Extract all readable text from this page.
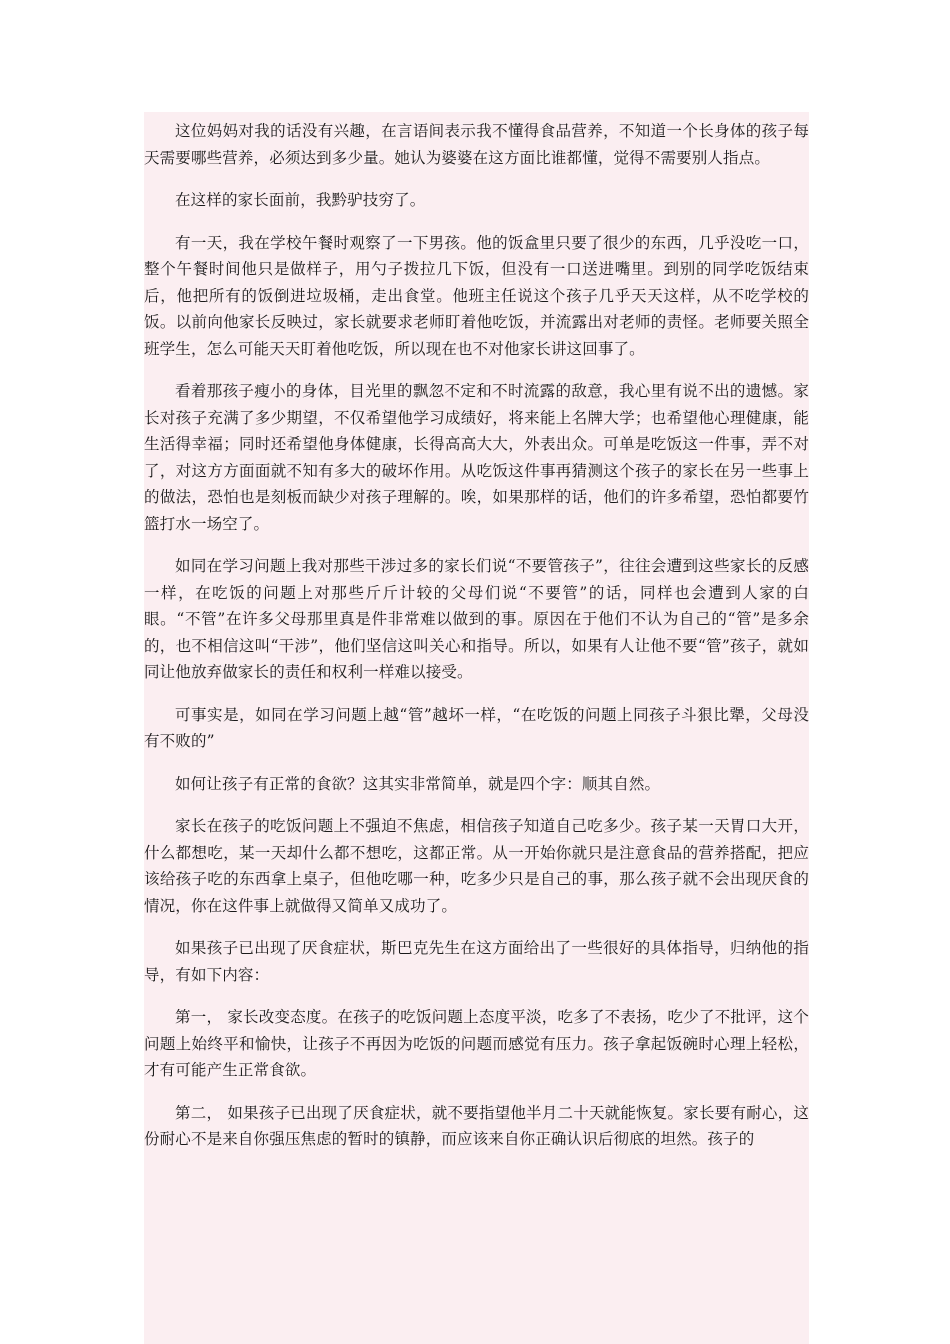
这位妈妈对我的话没有兴趣，在言语间表示我不懂得食品营养，不知道一个长身体的孩子每天需要哪些营养，必须达到多少量。她认为婆婆在这方面比谁都懂，觉得不需要别人指点。

在这样的家长面前，我黔驴技穷了。

有一天，我在学校午餐时观察了一下男孩。他的饭盒里只要了很少的东西，几乎没吃一口，整个午餐时间他只是做样子，用勺子拨拉几下饭，但没有一口送进嘴里。到别的同学吃饭结束后，他把所有的饭倒进垃圾桶，走出食堂。他班主任说这个孩子几乎天天这样，从不吃学校的饭。以前向他家长反映过，家长就要求老师盯着他吃饭，并流露出对老师的责怪。老师要关照全班学生，怎么可能天天盯着他吃饭，所以现在也不对他家长讲这回事了。

看着那孩子瘦小的身体，目光里的飘忽不定和不时流露的敌意，我心里有说不出的遗憾。家长对孩子充满了多少期望，不仅希望他学习成绩好，将来能上名牌大学；也希望他心理健康，能生活得幸福；同时还希望他身体健康，长得高高大大，外表出众。可单是吃饭这一件事，弄不对了，对这方方面面就不知有多大的破坏作用。从吃饭这件事再猜测这个孩子的家长在另一些事上的做法，恐怕也是刻板而缺少对孩子理解的。唉，如果那样的话，他们的许多希望，恐怕都要竹篮打水一场空了。

如同在学习问题上我对那些干涉过多的家长们说“不要管孩子”，往往会遭到这些家长的反感一样，在吃饭的问题上对那些斤斤计较的父母们说“不要管”的话，同样也会遭到人家的白眼。“不管”在许多父母那里真是件非常难以做到的事。原因在于他们不认为自己的“管”是多余的，也不相信这叫“干涉”，他们坚信这叫关心和指导。所以，如果有人让他不要“管”孩子，就如同让他放弃做家长的责任和权利一样难以接受。

可事实是，如同在学习问题上越“管”越坏一样，“在吃饭的问题上同孩子斗狠比犟，父母没有不败的”

如何让孩子有正常的食欲？这其实非常简单，就是四个字：顺其自然。

家长在孩子的吃饭问题上不强迫不焦虑，相信孩子知道自己吃多少。孩子某一天胃口大开，什么都想吃，某一天却什么都不想吃，这都正常。从一开始你就只是注意食品的营养搭配，把应该给孩子吃的东西拿上桌子，但他吃哪一种，吃多少只是自己的事，那么孩子就不会出现厌食的情况，你在这件事上就做得又简单又成功了。

如果孩子已出现了厌食症状，斯巴克先生在这方面给出了一些很好的具体指导，归纳他的指导，有如下内容：

第一， 家长改变态度。在孩子的吃饭问题上态度平淡，吃多了不表扬，吃少了不批评，这个问题上始终平和愉快，让孩子不再因为吃饭的问题而感觉有压力。孩子拿起饭碗时心理上轻松，才有可能产生正常食欲。

第二， 如果孩子已出现了厌食症状，就不要指望他半月二十天就能恢复。家长要有耐心，这份耐心不是来自你强压焦虑的暂时的镇静，而应该来自你正确认识后彻底的坦然。孩子的
